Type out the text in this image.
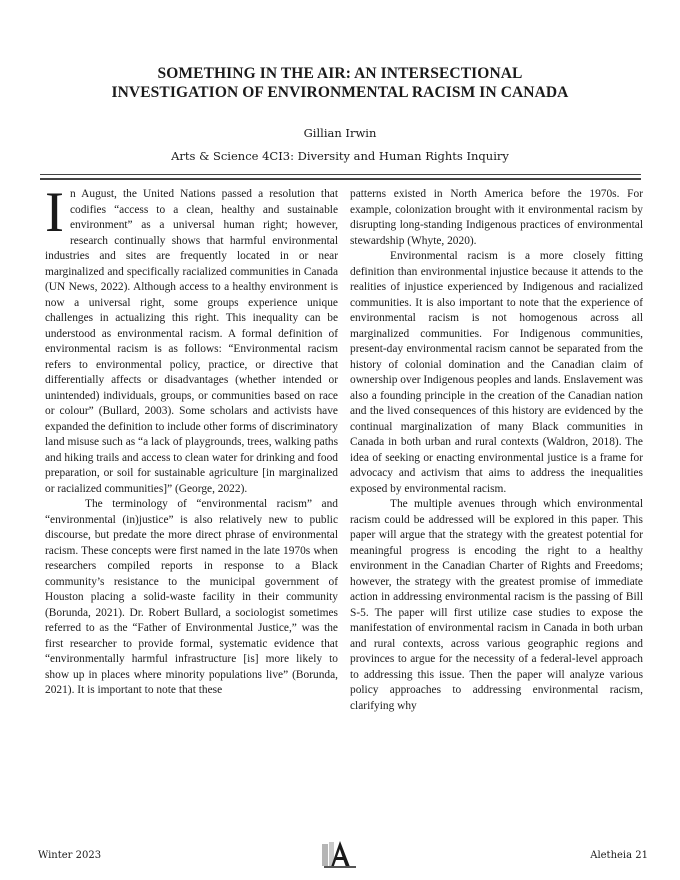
SOMETHING IN THE AIR: AN INTERSECTIONAL INVESTIGATION OF ENVIRONMENTAL RACISM IN CANADA
Gillian Irwin
Arts & Science 4CI3: Diversity and Human Rights Inquiry

In August, the United Nations passed a resolution that codifies “access to a clean, healthy and sustainable environment” as a universal human right; however, research continually shows that harmful environmental industries and sites are frequently located in or near marginalized and specifically racialized communities in Canada (UN News, 2022). Although access to a healthy environment is now a universal right, some groups experience unique challenges in actualizing this right. This inequality can be understood as environmental racism. A formal definition of environmental racism is as follows: “Environmental racism refers to environmental policy, practice, or directive that differentially affects or disadvantages (whether intended or unintended) individuals, groups, or communities based on race or colour” (Bullard, 2003). Some scholars and activists have expanded the definition to include other forms of discriminatory land misuse such as “a lack of playgrounds, trees, walking paths and hiking trails and access to clean water for drinking and food preparation, or soil for sustainable agriculture [in marginalized or racialized communities]” (George, 2022).

The terminology of “environmental racism” and “environmental (in)justice” is also relatively new to public discourse, but predate the more direct phrase of environmental racism. These concepts were first named in the late 1970s when researchers compiled reports in response to a Black community’s resistance to the municipal government of Houston placing a solid-waste facility in their community (Borunda, 2021). Dr. Robert Bullard, a sociologist sometimes referred to as the “Father of Environmental Justice,” was the first researcher to provide formal, systematic evidence that “environmentally harmful infrastructure [is] more likely to show up in places where minority populations live” (Borunda, 2021). It is important to note that these

patterns existed in North America before the 1970s. For example, colonization brought with it environmental racism by disrupting long-standing Indigenous practices of environmental stewardship (Whyte, 2020).

Environmental racism is a more closely fitting definition than environmental injustice because it attends to the realities of injustice experienced by Indigenous and racialized communities. It is also important to note that the experience of environmental racism is not homogenous across all marginalized communities. For Indigenous communities, present-day environmental racism cannot be separated from the history of colonial domination and the Canadian claim of ownership over Indigenous peoples and lands. Enslavement was also a founding principle in the creation of the Canadian nation and the lived consequences of this history are evidenced by the continual marginalization of many Black communities in Canada in both urban and rural contexts (Waldron, 2018). The idea of seeking or enacting environmental justice is a frame for advocacy and activism that aims to address the inequalities exposed by environmental racism.

The multiple avenues through which environmental racism could be addressed will be explored in this paper. This paper will argue that the strategy with the greatest potential for meaningful progress is encoding the right to a healthy environment in the Canadian Charter of Rights and Freedoms; however, the strategy with the greatest promise of immediate action in addressing environmental racism is the passing of Bill S-5. The paper will first utilize case studies to expose the manifestation of environmental racism in Canada in both urban and rural contexts, across various geographic regions and provinces to argue for the necessity of a federal-level approach to addressing this issue. Then the paper will analyze various policy approaches to addressing environmental racism, clarifying why

Winter 2023	Aletheia 21
